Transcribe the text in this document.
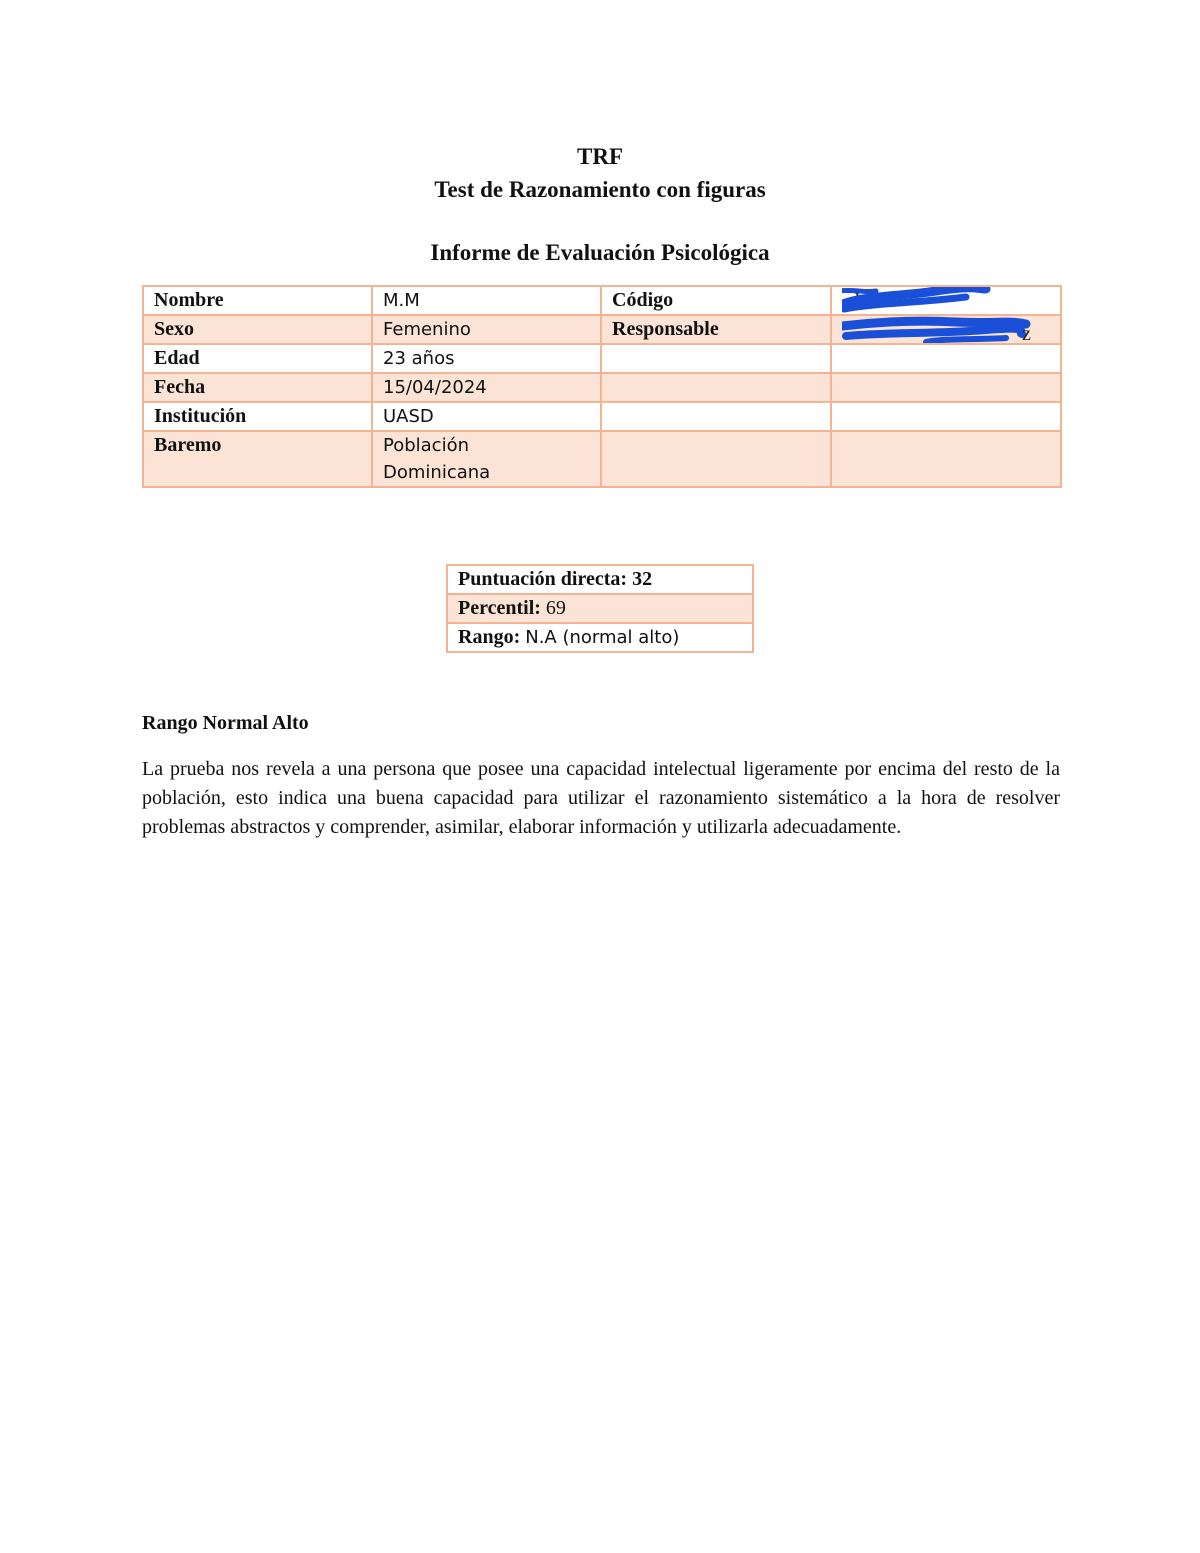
TRF
Test de Razonamiento con figuras
Informe de Evaluación Psicológica
Nombre	M.M	Código	Ir

Sexo	Femenino	Responsable	z

Edad	23 años		
Fecha	15/04/2024		
Institución	UASD		
Baremo	Población
Dominicana		

Puntuación directa: 32
Percentil: 69
Rango: N.A (normal alto)
Rango Normal Alto
La prueba nos revela a una persona que posee una capacidad intelectual ligeramente por encima del resto de la población, esto indica una buena capacidad para utilizar el razonamiento sistemático a la hora de resolver problemas abstractos y comprender, asimilar, elaborar información y utilizarla adecuadamente.
